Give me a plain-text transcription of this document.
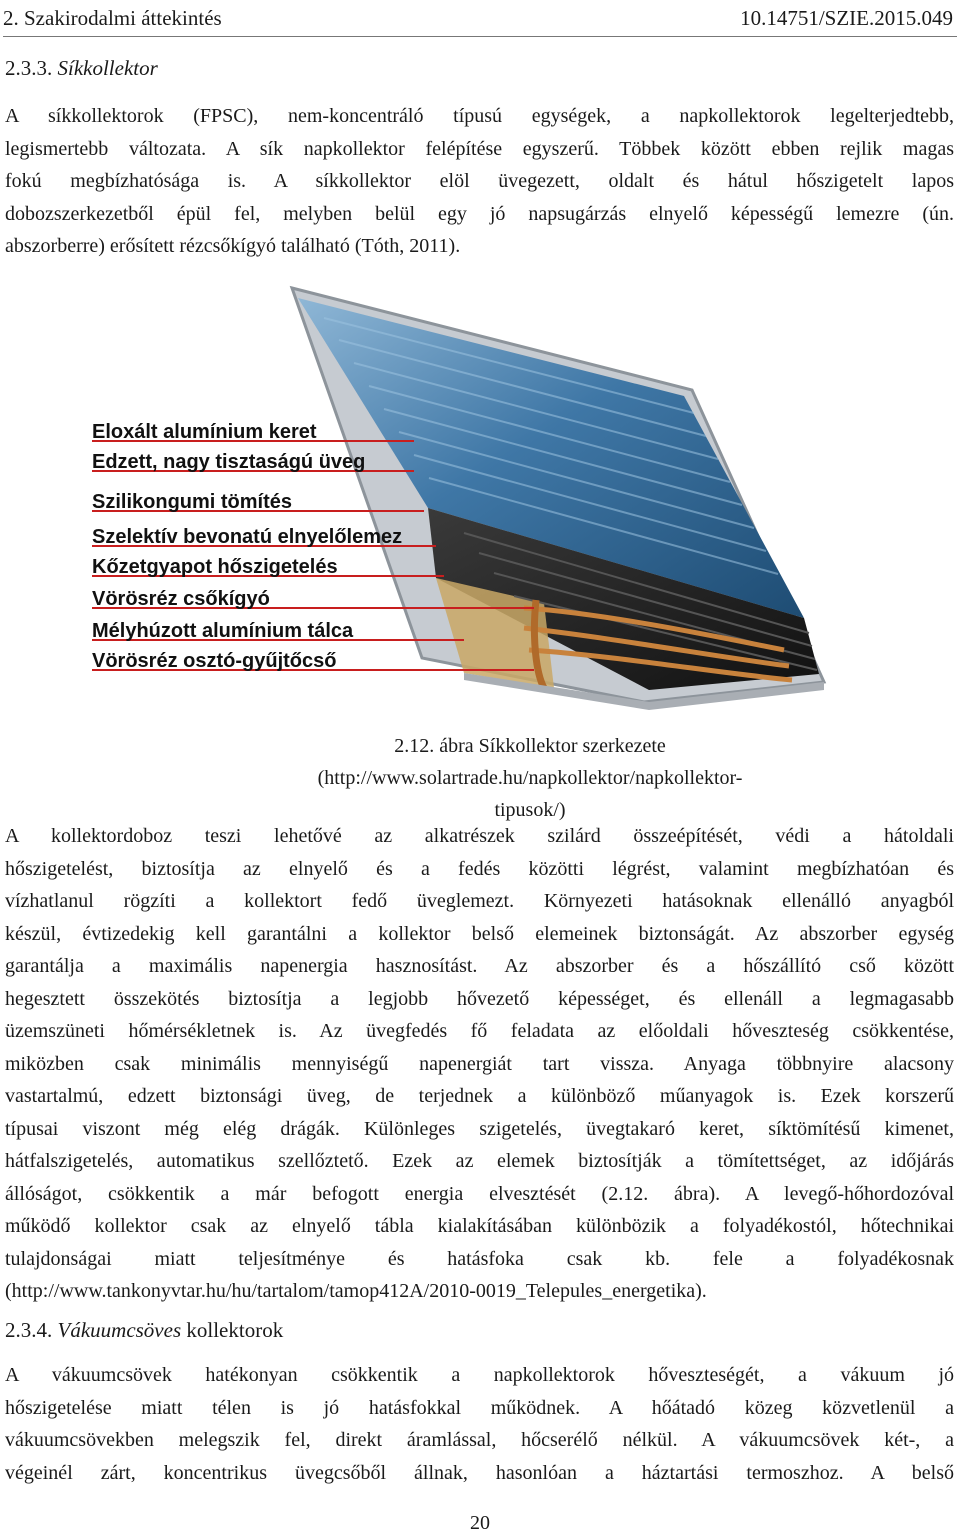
2. Szakirodalmi áttekintés	10.14751/SZIE.2015.049
2.3.3. Síkkollektor
A síkkollektorok (FPSC), nem-koncentráló típusú egységek, a napkollektorok legelterjedtebb,
legismertebb változata. A sík napkollektor felépítése egyszerű. Többek között ebben rejlik magas
fokú megbízhatósága is. A síkkollektor elöl üvegezett, oldalt és hátul hőszigetelt lapos
dobozszerkezetből épül fel, melyben belül egy jó napsugárzás elnyelő képességű lemezre (ún.
abszorberre) erősített rézcsőkígyó található (Tóth, 2011).
Eloxált alumínium keret
Edzett, nagy tisztaságú üveg
Szilikongumi tömítés
Szelektív bevonatú elnyelőlemez
Kőzetgyapot hőszigetelés
Vörösréz csőkígyó
Mélyhúzott alumínium tálca
Vörösréz osztó-gyűjtőcső
2.12. ábra Síkkollektor szerkezete
(http://www.solartrade.hu/napkollektor/napkollektor-tipusok/)
A kollektordoboz teszi lehetővé az alkatrészek szilárd összeépítését, védi a hátoldali
hőszigetelést, biztosítja az elnyelő és a fedés közötti légrést, valamint megbízhatóan és
vízhatlanul rögzíti a kollektort fedő üveglemezt. Környezeti hatásoknak ellenálló anyagból
készül, évtizedekig kell garantálni a kollektor belső elemeinek biztonságát. Az abszorber egység
garantálja a maximális napenergia hasznosítást. Az abszorber és a hőszállító cső között
hegesztett összekötés biztosítja a legjobb hővezető képességet, és ellenáll a legmagasabb
üzemszüneti hőmérsékletnek is. Az üvegfedés fő feladata az előoldali hőveszteség csökkentése,
miközben csak minimális mennyiségű napenergiát tart vissza. Anyaga többnyire alacsony
vastartalmú, edzett biztonsági üveg, de terjednek a különböző műanyagok is. Ezek korszerű
típusai viszont még elég drágák. Különleges szigetelés, üvegtakaró keret, síktömítésű kimenet,
hátfalszigetelés, automatikus szellőztető. Ezek az elemek biztosítják a tömítettséget, az időjárás
állóságot, csökkentik a már befogott energia elvesztését (2.12. ábra). A levegő-hőhordozóval
működő kollektor csak az elnyelő tábla kialakításában különbözik a folyadékostól, hőtechnikai
tulajdonságai miatt teljesítménye és hatásfoka csak kb. fele a folyadékosnak
(http://www.tankonyvtar.hu/hu/tartalom/tamop412A/2010-0019_Telepules_energetika).
2.3.4. Vákuumcsöves kollektorok
A vákuumcsövek hatékonyan csökkentik a napkollektorok hőveszteségét, a vákuum jó
hőszigetelése miatt télen is jó hatásfokkal működnek. A hőátadó közeg közvetlenül a
vákuumcsövekben melegszik fel, direkt áramlással, hőcserélő nélkül. A vákuumcsövek két-, a
végeinél zárt, koncentrikus üvegcsőből állnak, hasonlóan a háztartási termoszhoz. A belső
20
